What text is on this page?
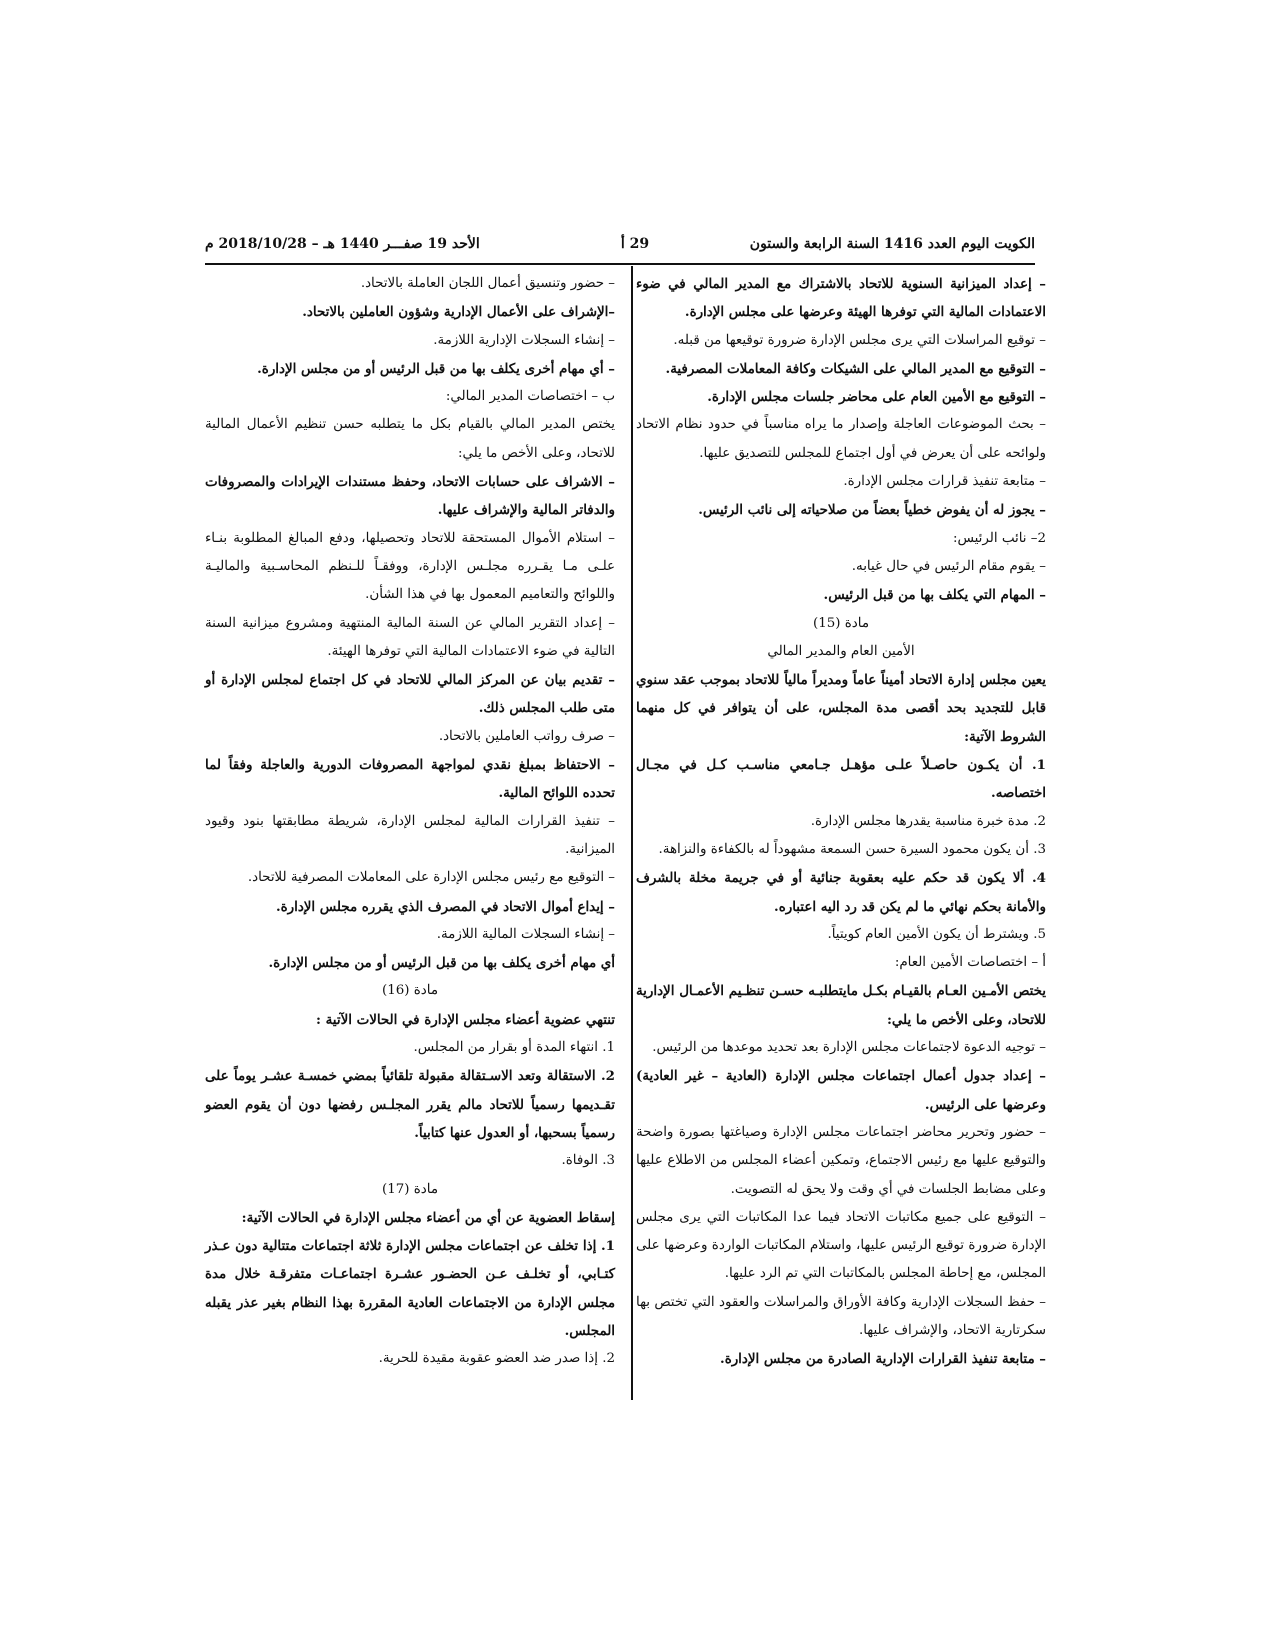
الكويت اليوم العدد 1416 السنة الرابعة والستون
29 أ
الأحد 19 صفـــر 1440 هـ – 2018/10/28 م

– إعداد الميزانية السنوية للاتحاد بالاشتراك مع المدير المالي في ضوء الاعتمادات المالية التي توفرها الهيئة وعرضها على مجلس الإدارة.

– توقيع المراسلات التي يرى مجلس الإدارة ضرورة توقيعها من قبله.

– التوقيع مع المدير المالي على الشيكات وكافة المعاملات المصرفية.

– التوقيع مع الأمين العام على محاضر جلسات مجلس الإدارة.

– بحث الموضوعات العاجلة وإصدار ما يراه مناسباً في حدود نظام الاتحاد ولوائحه على أن يعرض في أول اجتماع للمجلس للتصديق عليها.

– متابعة تنفيذ قرارات مجلس الإدارة.

– يجوز له أن يفوض خطياً بعضاً من صلاحياته إلى نائب الرئيس.

2– نائب الرئيس:

– يقوم مقام الرئيس في حال غيابه.

– المهام التي يكلف بها من قبل الرئيس.

مادة (15)

الأمين العام والمدير المالي

يعين مجلس إدارة الاتحاد أميناً عاماً ومديراً مالياً للاتحاد بموجب عقد سنوي قابل للتجديد بحد أقصى مدة المجلس، على أن يتوافر في كل منهما الشروط الآتية:

1. أن يكـون حاصـلاً علـى مؤهـل جـامعي مناسـب كـل في مجـال اختصاصه.

2. مدة خبرة مناسبة يقدرها مجلس الإدارة.

3. أن يكون محمود السيرة حسن السمعة مشهوداً له بالكفاءة والنزاهة.

4. ألا يكون قد حكم عليه بعقوبة جنائية أو في جريمة مخلة بالشرف والأمانة بحكم نهائي ما لم يكن قد رد اليه اعتباره.

5. ويشترط أن يكون الأمين العام كويتياً.

أ – اختصاصات الأمين العام:

يختص الأمـين العـام بالقيـام بكـل مايتطلبـه حسـن تنظـيم الأعمـال الإدارية للاتحاد، وعلى الأخص ما يلي:

– توجيه الدعوة لاجتماعات مجلس الإدارة بعد تحديد موعدها من الرئيس.

– إعداد جدول أعمال اجتماعات مجلس الإدارة (العادية – غير العادية) وعرضها على الرئيس.

– حضور وتحرير محاضر اجتماعات مجلس الإدارة وصياغتها بصورة واضحة والتوقيع عليها مع رئيس الاجتماع، وتمكين أعضاء المجلس من الاطلاع عليها وعلى مضابط الجلسات في أي وقت ولا يحق له التصويت.

– التوقيع على جميع مكاتبات الاتحاد فيما عدا المكاتبات التي يرى مجلس الإدارة ضرورة توقيع الرئيس عليها، واستلام المكاتبات الواردة وعرضها على المجلس، مع إحاطة المجلس بالمكاتبات التي تم الرد عليها.

– حفظ السجلات الإدارية وكافة الأوراق والمراسلات والعقود التي تختص بها سكرتارية الاتحاد، والإشراف عليها.

– متابعة تنفيذ القرارات الإدارية الصادرة من مجلس الإدارة.

– حضور وتنسيق أعمال اللجان العاملة بالاتحاد.

–الإشراف على الأعمال الإدارية وشؤون العاملين بالاتحاد.

– إنشاء السجلات الإدارية اللازمة.

– أي مهام أخرى يكلف بها من قبل الرئيس أو من مجلس الإدارة.

ب – اختصاصات المدير المالي:

يختص المدير المالي بالقيام بكل ما يتطلبه حسن تنظيم الأعمال المالية للاتحاد، وعلى الأخص ما يلي:

– الاشراف على حسابات الاتحاد، وحفظ مستندات الإيرادات والمصروفات والدفاتر المالية والإشراف عليها.

– استلام الأموال المستحقة للاتحاد وتحصيلها، ودفع المبالغ المطلوبة بنـاء علـى مـا يقـرره مجلـس الإدارة، ووفقـاً للـنظم المحاسـبية والماليـة واللوائح والتعاميم المعمول بها في هذا الشأن.

– إعداد التقرير المالي عن السنة المالية المنتهية ومشروع ميزانية السنة التالية في ضوء الاعتمادات المالية التي توفرها الهيئة.

– تقديم بيان عن المركز المالي للاتحاد في كل اجتماع لمجلس الإدارة أو متى طلب المجلس ذلك.

– صرف رواتب العاملين بالاتحاد.

– الاحتفاظ بمبلغ نقدي لمواجهة المصروفات الدورية والعاجلة وفقاً لما تحدده اللوائح المالية.

– تنفيذ القرارات المالية لمجلس الإدارة، شريطة مطابقتها بنود وقيود الميزانية.

– التوقيع مع رئيس مجلس الإدارة على المعاملات المصرفية للاتحاد.

– إيداع أموال الاتحاد في المصرف الذي يقرره مجلس الإدارة.

– إنشاء السجلات المالية اللازمة.

أي مهام أخرى يكلف بها من قبل الرئيس أو من مجلس الإدارة.

مادة (16)

تنتهي عضوية أعضاء مجلس الإدارة في الحالات الآتية :

1. انتهاء المدة أو بقرار من المجلس.

2. الاستقالة وتعد الاسـتقالة مقبولة تلقائياً بمضي خمسـة عشـر يوماً على تقـديمها رسمياً للاتحاد مالم يقرر المجلـس رفضها دون أن يقوم العضو رسمياً بسحبها، أو العدول عنها كتابياً.

3. الوفاة.

مادة (17)

إسقاط العضوية عن أي من أعضاء مجلس الإدارة في الحالات الآتية:

1. إذا تخلف عن اجتماعات مجلس الإدارة ثلاثة اجتماعات متتالية دون عـذر كتـابي، أو تخلـف عـن الحضـور عشـرة اجتماعـات متفرقـة خلال مدة مجلس الإدارة من الاجتماعات العادية المقررة بهذا النظام بغير عذر يقبله المجلس.

2. إذا صدر ضد العضو عقوبة مقيدة للحرية.
